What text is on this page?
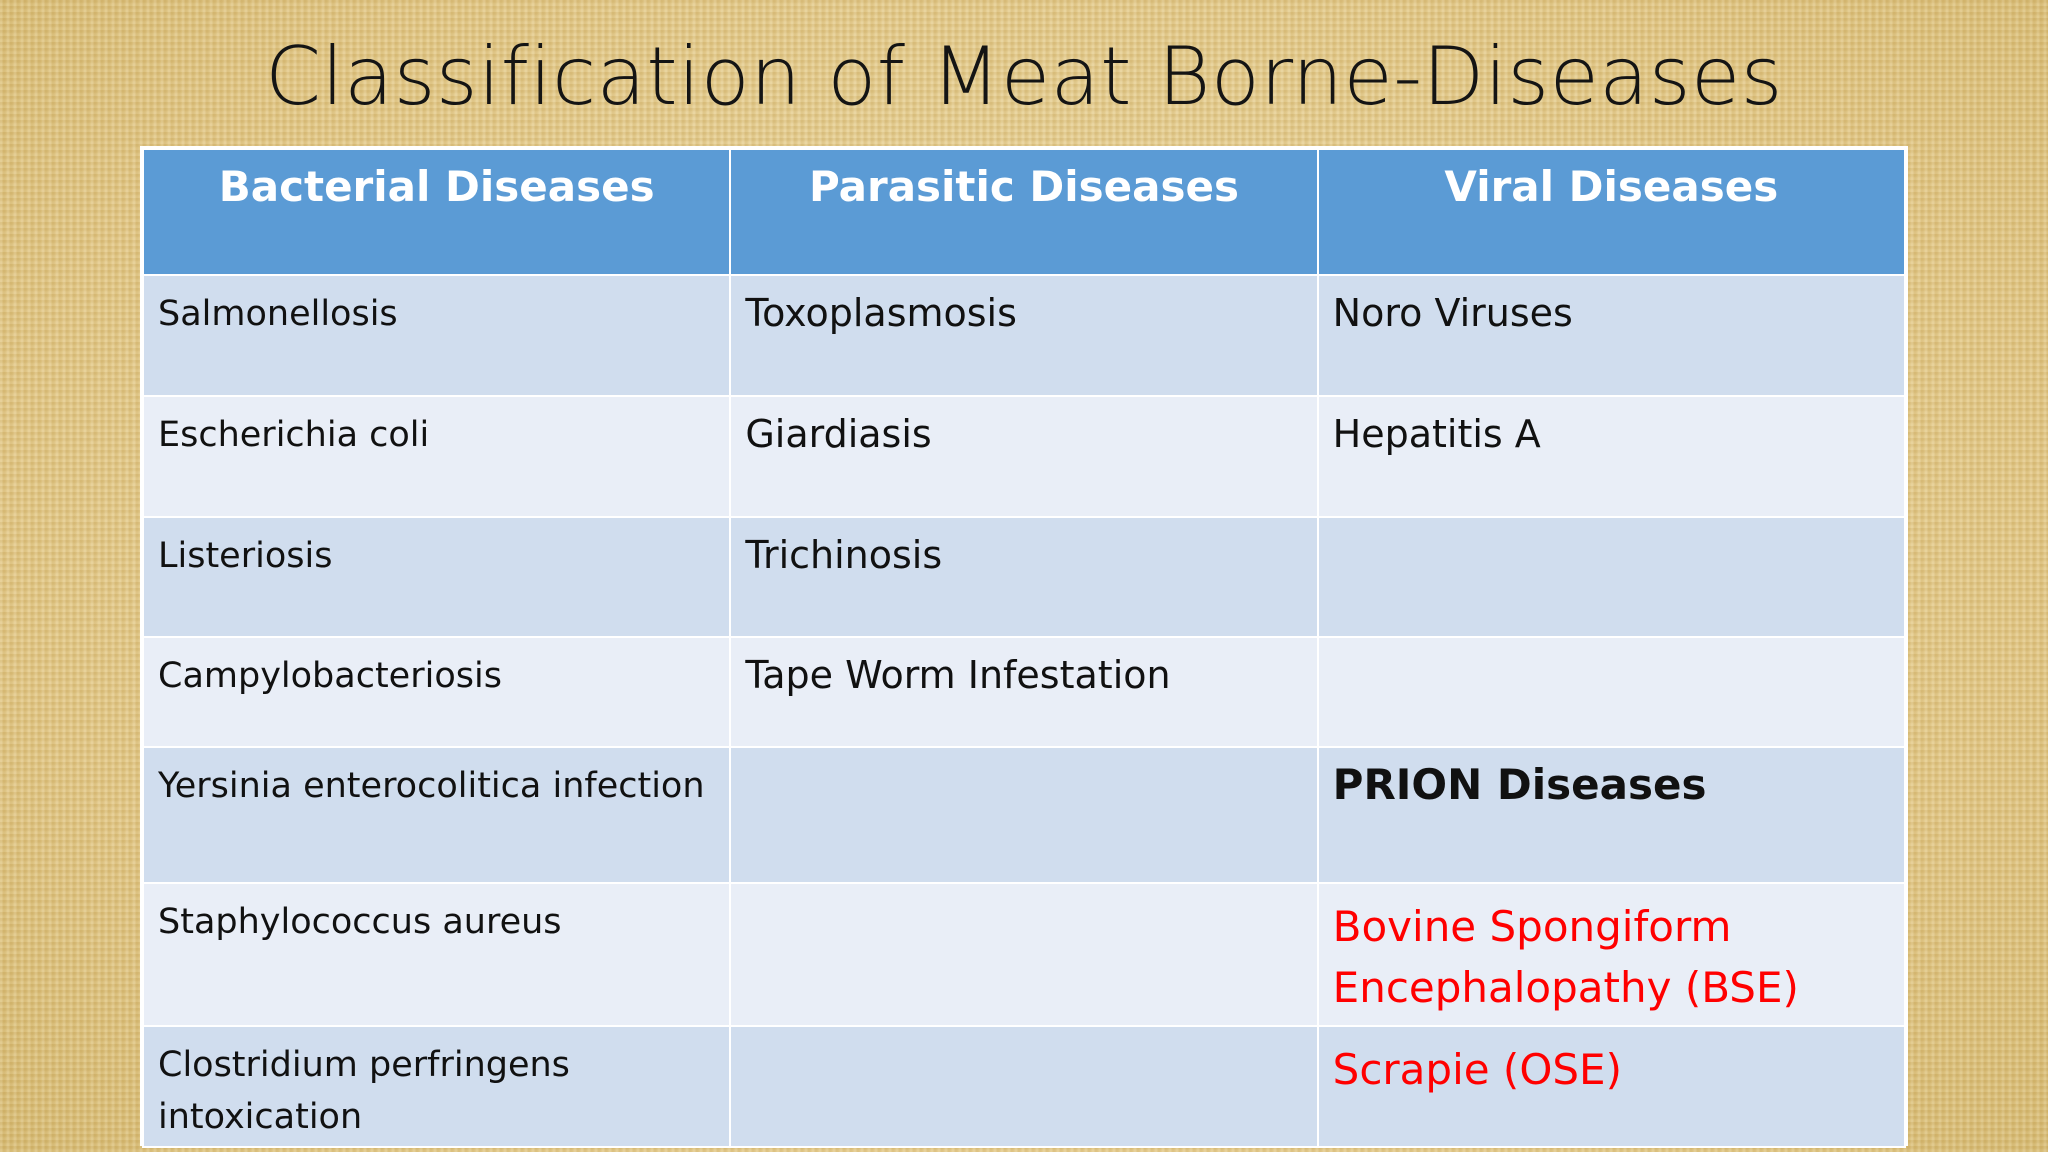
Classification of Meat Borne-Diseases
Bacterial Diseases	Parasitic Diseases	Viral Diseases
Salmonellosis	Toxoplasmosis	Noro Viruses
Escherichia coli	Giardiasis	Hepatitis A
Listeriosis	Trichinosis	
Campylobacteriosis	Tape Worm Infestation	
Yersinia enterocolitica infection		PRION Diseases
Staphylococcus aureus		Bovine Spongiform Encephalopathy (BSE)
Clostridium perfringens intoxication		Scrapie (OSE)
